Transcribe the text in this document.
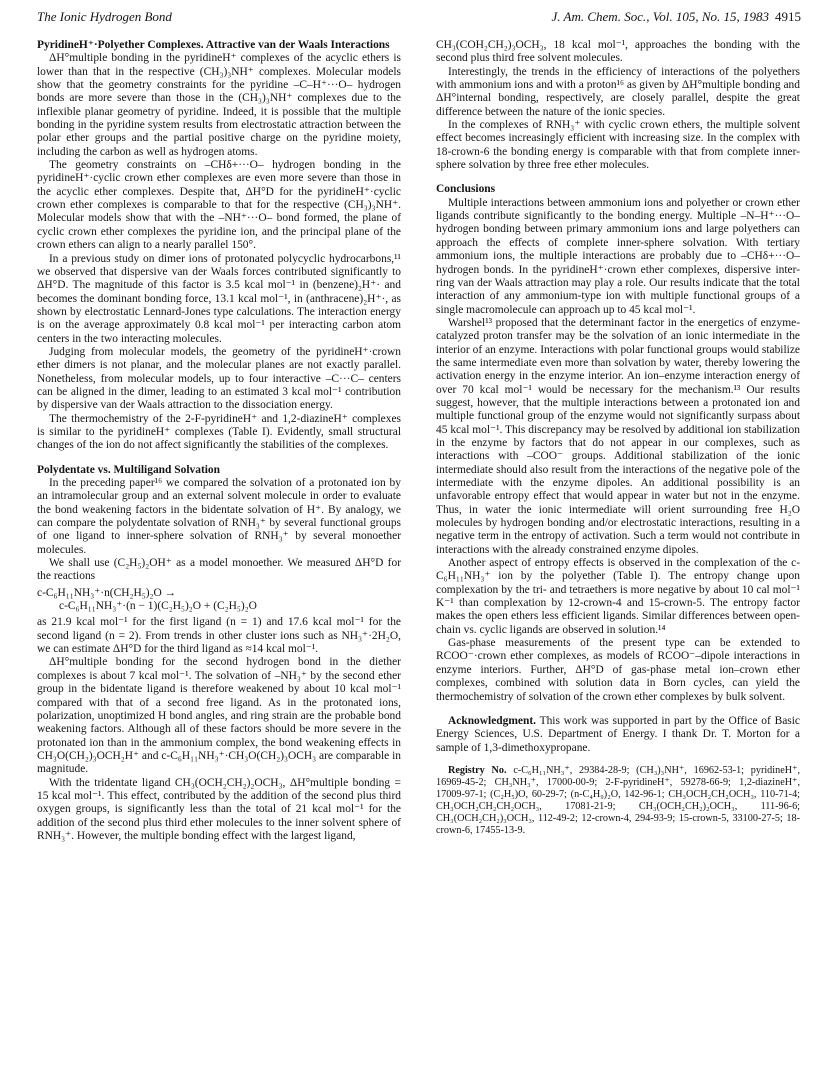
The Ionic Hydrogen Bond	J. Am. Chem. Soc., Vol. 105, No. 15, 1983 4915
PyridineH⁺·Polyether Complexes. Attractive van der Waals Interactions

ΔH°multiple bonding in the pyridineH⁺ complexes of the acyclic ethers is lower than that in the respective (CH₃)₃NH⁺ complexes. Molecular models show that the geometry constraints for the pyridine –C–H⁺···O– hydrogen bonds are more severe than those in the (CH₃)₃NH⁺ complexes due to the inflexible planar geometry of pyridine. Indeed, it is possible that the multiple bonding in the pyridine system results from electrostatic attraction between the polar ether groups and the partial positive charge on the pyridine moiety, including the carbon as well as hydrogen atoms.

The geometry constraints on –CHδ+···O– hydrogen bonding in the pyridineH⁺·cyclic crown ether complexes are even more severe than those in the acyclic ether complexes. Despite that, ΔH°D for the pyridineH⁺·cyclic crown ether complexes is comparable to that for the respective (CH₃)₃NH⁺. Molecular models show that with the –NH⁺···O– bond formed, the plane of cyclic crown ether complexes the pyridine ion, and the principal plane of the crown ethers can align to a nearly parallel 150°.

In a previous study on dimer ions of protonated polycyclic hydrocarbons,¹¹ we observed that dispersive van der Waals forces contributed significantly to ΔH°D. The magnitude of this factor is 3.5 kcal mol⁻¹ in (benzene)₂H⁺· and becomes the dominant bonding force, 13.1 kcal mol⁻¹, in (anthracene)₂H⁺·, as shown by electrostatic Lennard-Jones type calculations. The interaction energy is on the average approximately 0.8 kcal mol⁻¹ per interacting carbon atom centers in the two interacting molecules.

Judging from molecular models, the geometry of the pyridineH⁺·crown ether dimers is not planar, and the molecular planes are not exactly parallel. Nonetheless, from molecular models, up to four interactive –C···C– centers can be aligned in the dimer, leading to an estimated 3 kcal mol⁻¹ contribution by dispersive van der Waals attraction to the dissociation energy.

The thermochemistry of the 2-F-pyridineH⁺ and 1,2-diazineH⁺ complexes is similar to the pyridineH⁺ complexes (Table I). Evidently, small structural changes of the ion do not affect significantly the stabilities of the complexes.

Polydentate vs. Multiligand Solvation

In the preceding paper¹⁶ we compared the solvation of a protonated ion by an intramolecular group and an external solvent molecule in order to evaluate the bond weakening factors in the bidentate solvation of H⁺. By analogy, we can compare the polydentate solvation of RNH₃⁺ by several functional groups of one ligand to inner-sphere solvation of RNH₃⁺ by several monoether molecules.

We shall use (C₂H₅)₂OH⁺ as a model monoether. We measured ΔH°D for the reactions

c-C₆H₁₁NH₃⁺·n(CH₂H₅)₂O →
c-C₆H₁₁NH₃⁺·(n − 1)(C₂H₅)₂O + (C₂H₅)₂O

as 21.9 kcal mol⁻¹ for the first ligand (n = 1) and 17.6 kcal mol⁻¹ for the second ligand (n = 2). From trends in other cluster ions such as NH₃⁺·2H₂O, we can estimate ΔH°D for the third ligand as ≈14 kcal mol⁻¹.

ΔH°multiple bonding for the second hydrogen bond in the diether complexes is about 7 kcal mol⁻¹. The solvation of –NH₃⁺ by the second ether group in the bidentate ligand is therefore weakened by about 10 kcal mol⁻¹ compared with that of a second free ligand. As in the protonated ions, polarization, unoptimized H bond angles, and ring strain are the probable bond weakening factors. Although all of these factors should be more severe in the protonated ion than in the ammonium complex, the bond weakening effects in CH₃O(CH₂)₃OCH₂H⁺ and c-C₆H₁₁NH₃⁺·CH₃O(CH₂)₃OCH₃ are comparable in magnitude.

With the tridentate ligand CH₃(OCH₂CH₂)₂OCH₃, ΔH°multiple bonding = 15 kcal mol⁻¹. This effect, contributed by the addition of the second plus third oxygen groups, is significantly less than the total of 21 kcal mol⁻¹ for the addition of the second plus third ether molecules to the inner solvent sphere of RNH₃⁺. However, the multiple bonding effect with the largest ligand,

CH₃(COH₂CH₂)₃OCH₃, 18 kcal mol⁻¹, approaches the bonding with the second plus third free solvent molecules.

Interestingly, the trends in the efficiency of interactions of the polyethers with ammonium ions and with a proton¹⁶ as given by ΔH°multiple bonding and ΔH°internal bonding, respectively, are closely parallel, despite the great difference between the nature of the ionic species.

In the complexes of RNH₃⁺ with cyclic crown ethers, the multiple solvent effect becomes increasingly efficient with increasing size. In the complex with 18-crown-6 the bonding energy is comparable with that from complete inner-sphere solvation by three free ether molecules.

Conclusions

Multiple interactions between ammonium ions and polyether or crown ether ligands contribute significantly to the bonding energy. Multiple –N–H⁺···O– hydrogen bonding between primary ammonium ions and large polyethers can approach the effects of complete inner-sphere solvation. With tertiary ammonium ions, the multiple interactions are probably due to –CHδ+···O– hydrogen bonds. In the pyridineH⁺·crown ether complexes, dispersive inter-ring van der Waals attraction may play a role. Our results indicate that the total interaction of any ammonium-type ion with multiple functional groups of a single macromolecule can approach up to 45 kcal mol⁻¹.

Warshel¹³ proposed that the determinant factor in the energetics of enzyme-catalyzed proton transfer may be the solvation of an ionic intermediate in the interior of an enzyme. Interactions with polar functional groups would stabilize the same intermediate even more than solvation by water, thereby lowering the activation energy in the enzyme interior. An ion–enzyme interaction energy of over 70 kcal mol⁻¹ would be necessary for the mechanism.¹³ Our results suggest, however, that the multiple interactions between a protonated ion and multiple functional group of the enzyme would not significantly surpass about 45 kcal mol⁻¹. This discrepancy may be resolved by additional ion stabilization in the enzyme by factors that do not appear in our complexes, such as interactions with –COO⁻ groups. Additional stabilization of the ionic intermediate should also result from the interactions of the negative pole of the intermediate with the enzyme dipoles. An additional possibility is an unfavorable entropy effect that would appear in water but not in the enzyme. Thus, in water the ionic intermediate will orient surrounding free H₂O molecules by hydrogen bonding and/or electrostatic interactions, resulting in a negative term in the entropy of activation. Such a term would not contribute in interactions with the already constrained enzyme dipoles.

Another aspect of entropy effects is observed in the complexation of the c-C₆H₁₁NH₃⁺ ion by the polyether (Table I). The entropy change upon complexation by the tri- and tetraethers is more negative by about 10 cal mol⁻¹ K⁻¹ than complexation by 12-crown-4 and 15-crown-5. The entropy factor makes the open ethers less efficient ligands. Similar differences between open-chain vs. cyclic ligands are observed in solution.¹⁴

Gas-phase measurements of the present type can be extended to RCOO⁻·crown ether complexes, as models of RCOO⁻–dipole interactions in enzyme interiors. Further, ΔH°D of gas-phase metal ion–crown ether complexes, combined with solution data in Born cycles, can yield the thermochemistry of solvation of the crown ether complexes by bulk solvent.

Acknowledgment. This work was supported in part by the Office of Basic Energy Sciences, U.S. Department of Energy. I thank Dr. T. Morton for a sample of 1,3-dimethoxypropane.

Registry No. c-C₆H₁₁NH₃⁺, 29384-28-9; (CH₃)₃NH⁺, 16962-53-1; pyridineH⁺, 16969-45-2; CH₃NH₃⁺, 17000-00-9; 2-F-pyridineH⁺, 59278-66-9; 1,2-diazineH⁺, 17009-97-1; (C₂H₅)O, 60-29-7; (n-C₄H₉)₂O, 142-96-1; CH₃OCH₂CH₂OCH₃, 110-71-4; CH₃OCH₂CH₂CH₂OCH₃, 17081-21-9; CH₃(OCH₂CH₂)₂OCH₃, 111-96-6; CH₃(OCH₂CH₂)₃OCH₃, 112-49-2; 12-crown-4, 294-93-9; 15-crown-5, 33100-27-5; 18-crown-6, 17455-13-9.
